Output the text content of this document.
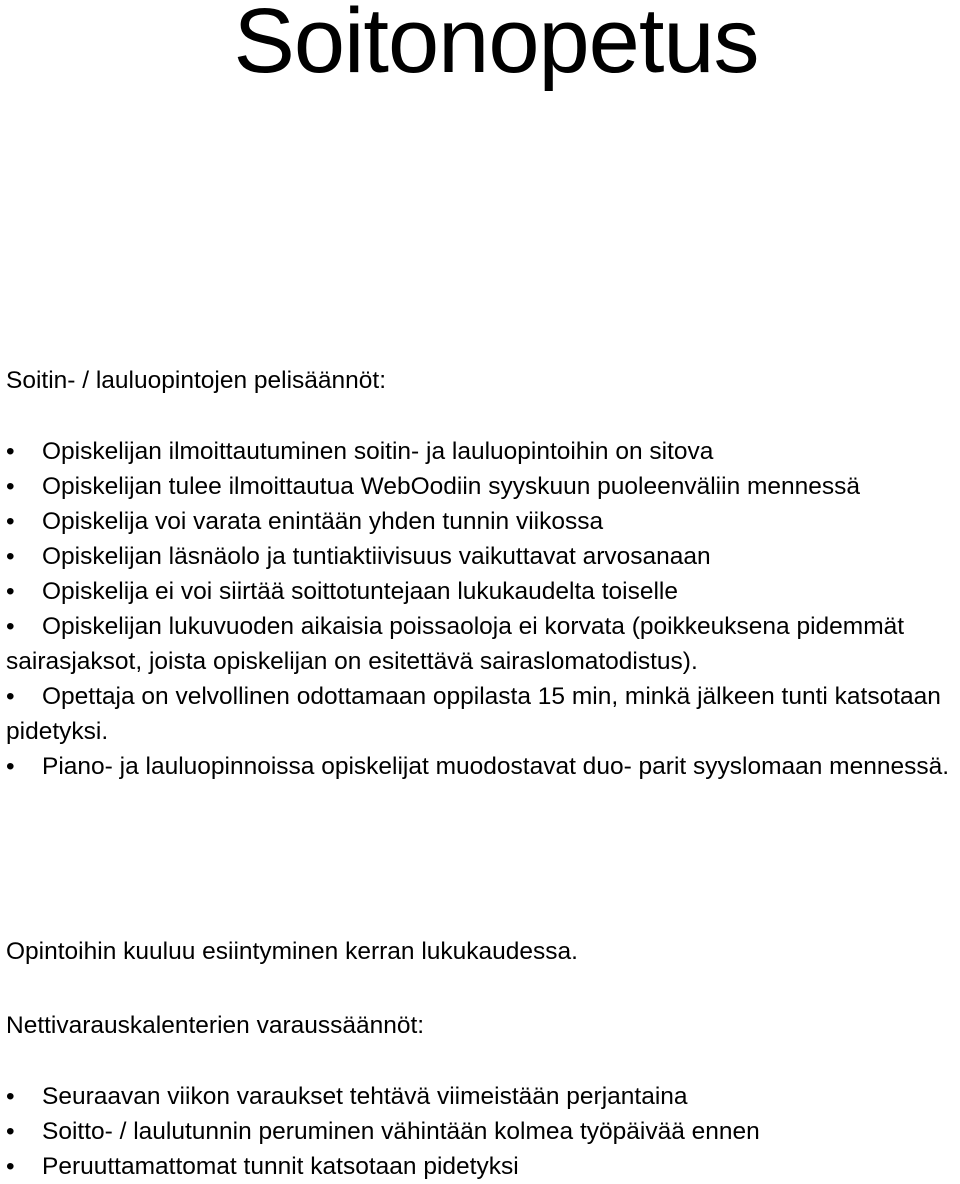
Soitonopetus

Soitin- / lauluopintojen pelisäännöt:

•	Opiskelijan ilmoittautuminen soitin- ja lauluopintoihin on sitova
•	Opiskelijan tulee ilmoittautua WebOodiin syyskuun puoleenväliin mennessä
•	Opiskelija voi varata enintään yhden tunnin viikossa
•	Opiskelijan läsnäolo ja tuntiaktiivisuus vaikuttavat arvosanaan
•	Opiskelija ei voi siirtää soittotuntejaan lukukaudelta toiselle
•	Opiskelijan lukuvuoden aikaisia poissaoloja ei korvata (poikkeuksena pidemmät sairasjaksot, joista opiskelijan on esitettävä sairaslomatodistus).
•	Opettaja on velvollinen odottamaan oppilasta 15 min, minkä jälkeen tunti katsotaan pidetyksi.
•	Piano- ja lauluopinnoissa opiskelijat muodostavat duo- parit syyslomaan mennessä.

Opintoihin kuuluu esiintyminen kerran lukukaudessa.

Nettivarauskalenterien varaussäännöt:

•	Seuraavan viikon varaukset tehtävä viimeistään perjantaina
•	Soitto- / laulutunnin peruminen vähintään kolmea työpäivää ennen
•	Peruuttamattomat tunnit katsotaan pidetyksi
